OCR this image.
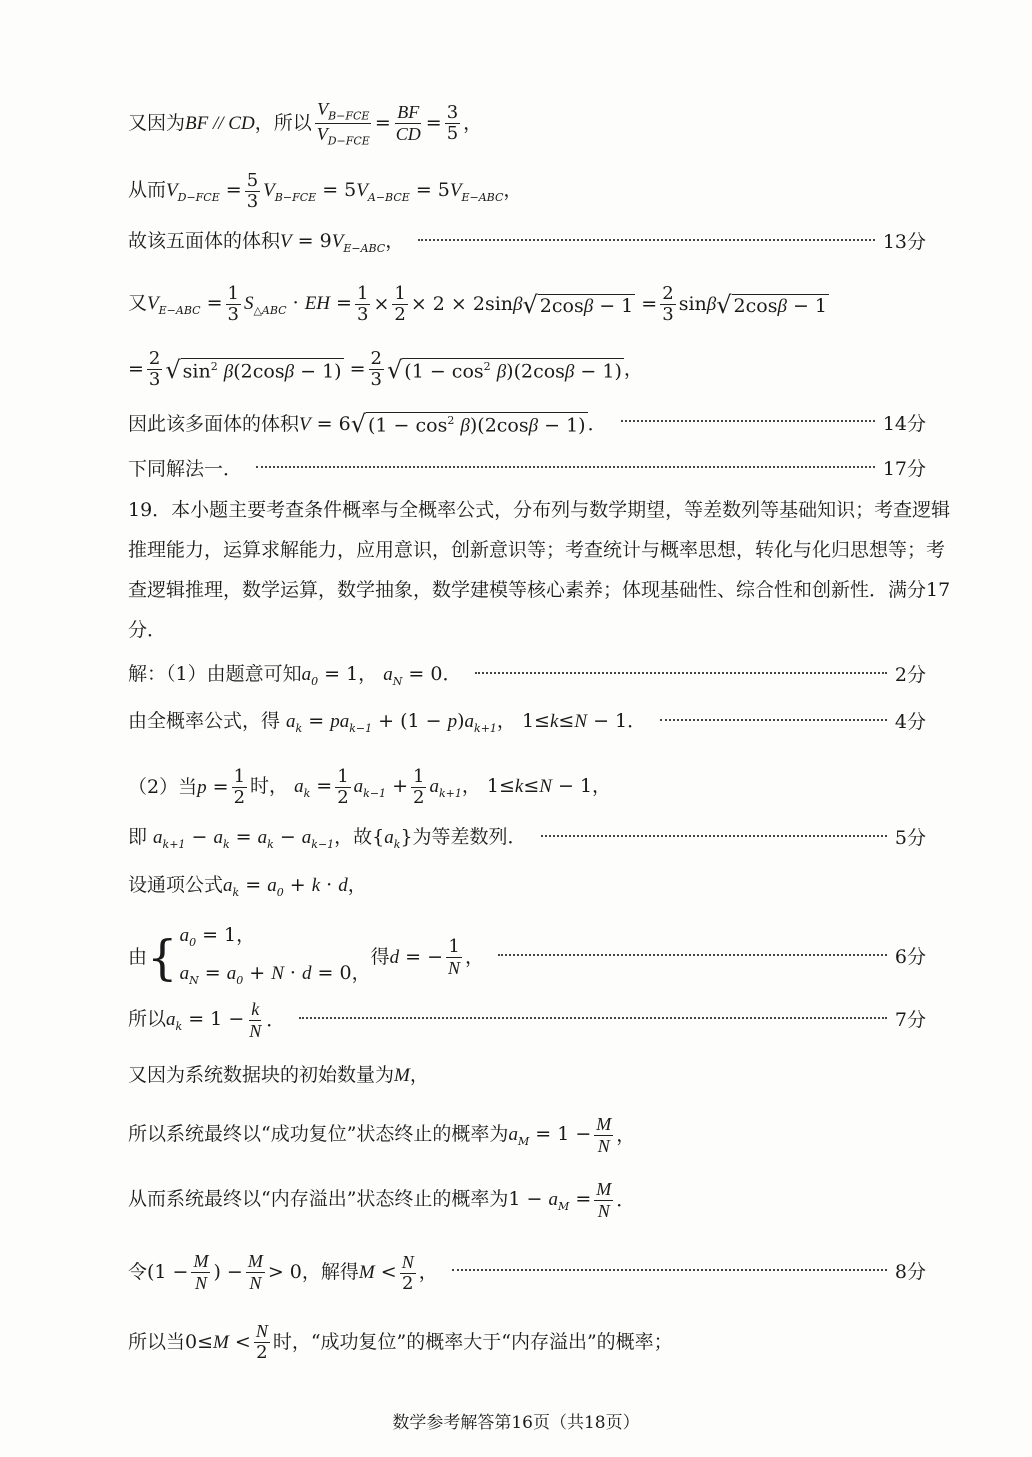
又因为BF // CD，所以 $\frac{V_{B-FCE}}{V_{D-FCE}} = \frac{BF}{CD} = \frac{3}{5}$ ，
从而$V_{D-FCE} = \frac{5}{3} V_{B-FCE} = 5V_{A-BCE} = 5V_{E-ABC}$，
故该五面体的体积$V = 9V_{E-ABC}$，	13分
又$V_{E-ABC} = \frac{1}{3} S_{\triangle ABC}$ · EH = $\frac{1}{3} \times \frac{1}{2} \times 2 \times 2\sin\beta$ √ $2\cos\beta - 1 = \frac{2}{3}$ sinβ √ 2cosβ − 1
= $\frac{2}{3}$ √ $\sin^2 \beta(2\cos\beta - 1) = \frac{2}{3}$ √ $(1 - \cos^2 \beta)(2\cos\beta - 1)$ ，
因此该多面体的体积V = 6 √ $(1 - \cos^2 \beta)(2\cos\beta - 1)$ ．	14分
下同解法一．	17分
19．本小题主要考查条件概率与全概率公式，分布列与数学期望，等差数列等基础知识；考查逻辑推理能力，运算求解能力，应用意识，创新意识等；考查统计与概率思想，转化与化归思想等；考查逻辑推理，数学运算，数学抽象，数学建模等核心素养；体现基础性、综合性和创新性．满分17分．
解：（1）由题意可知$a_0 = 1$， $a_N = 0$．	2分
由全概率公式，得 $a_k = pa_{k-1} + (1 - p)a_{k+1}$， 1≤k≤N − 1．	4分
（2）当$p = \frac{1}{2}$ 时， $a_k = \frac{1}{2} a_{k-1} + \frac{1}{2} a_{k+1}$， 1≤k≤N − 1，
即 $a_{k+1} - a_k = a_k - a_{k-1}$，故$\{a_k\}$为等差数列．	5分
设通项公式$a_k = a_0 + k \cdot d$，
由 { $a_0 = 1$，
$a_N = a_0 + N \cdot d = 0$，
得d = − $\frac{1}{N}$ ，	6分
所以$a_k = 1 - \frac{k}{N}$ ．	7分
又因为系统数据块的初始数量为M，
所以系统最终以“成功复位”状态终止的概率为$a_M = 1 - \frac{M}{N}$ ，
从而系统最终以“内存溢出”状态终止的概率为$1 - a_M = \frac{M}{N}$ ．
令($1 - \frac{M}{N}$ ) − $\frac{M}{N} > 0$，解得$M < \frac{N}{2}$ ，	8分
所以当$0\le M < \frac{N}{2}$ 时，“成功复位”的概率大于“内存溢出”的概率；
数学参考解答第16页（共18页）
